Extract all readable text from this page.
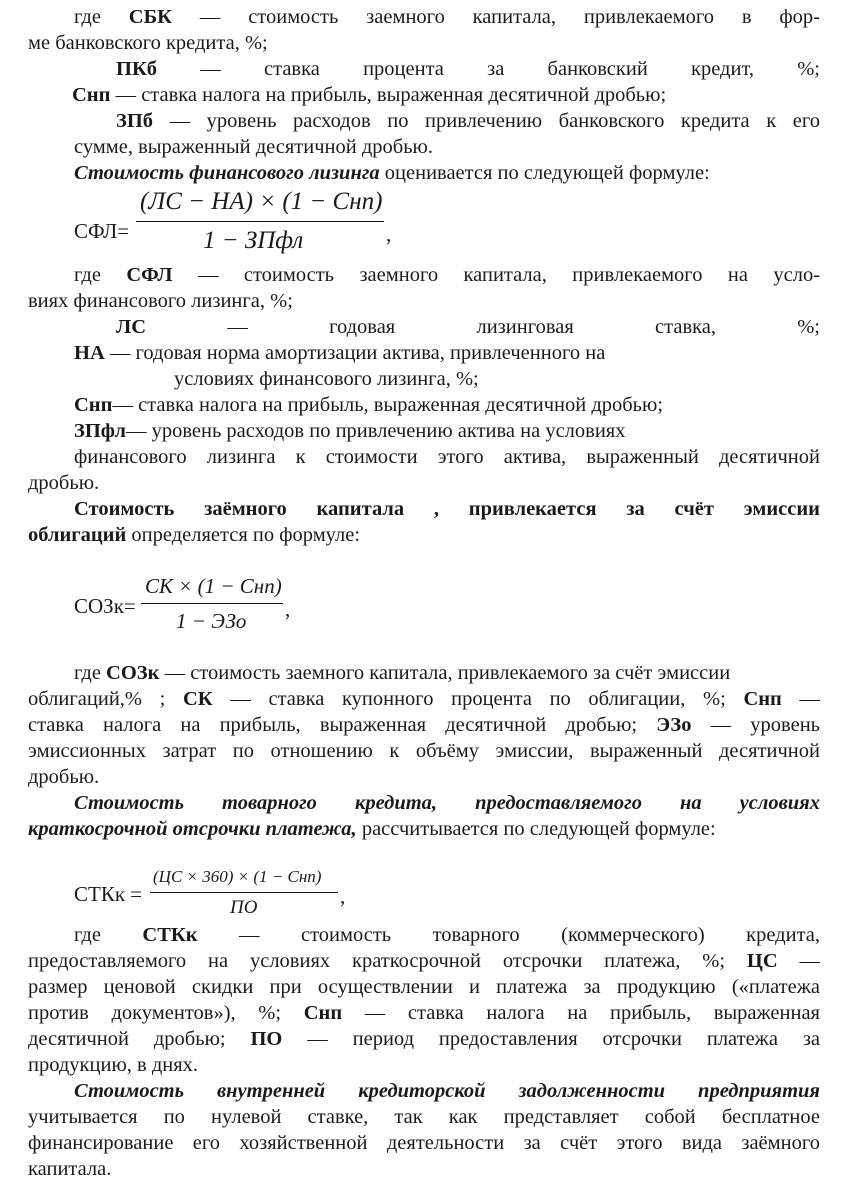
где СБК — стоимость заемного капитала, привлекаемого в фор-
ме банковского кредита, %;
ПКб — ставка процента за банковский кредит, %;
Снп — ставка налога на прибыль, выраженная десятичной дробью;
ЗПб — уровень расходов по привлечению банковского кредита к его
сумме, выраженный десятичной дробью.
Стоимость финансового лизинга оценивается по следующей формуле:
СФЛ=
(ЛС − НА) × (1 − Снп)
1 − ЗПфл	,
где СФЛ — стоимость заемного капитала, привлекаемого на усло-
виях финансового лизинга, %;
ЛС	— годовая лизинговая ставка, %;
НА — годовая норма амортизации актива, привлеченного на
условиях финансового лизинга, %;
Снп— ставка налога на прибыль, выраженная десятичной дробью;
ЗПфл— уровень расходов по привлечению актива на условиях
финансового лизинга к стоимости этого актива, выраженный десятичной
дробью.
Стоимость заёмного капитала , привлекается за счёт эмиссии
облигаций определяется по формуле:
СОЗк=
СК × (1 − Снп)
1 − ЭЗо ,
где СОЗк — стоимость заемного капитала, привлекаемого за счёт эмиссии
облигаций,% ; СК — ставка купонного процента по облигации, %; Снп —
ставка налога на прибыль, выраженная десятичной дробью; ЭЗо — уровень
эмиссионных затрат по отношению к объёму эмиссии, выраженный десятичной
дробью.
Стоимость товарного кредита, предоставляемого на условиях
краткосрочной отсрочки платежа, рассчитывается по следующей формуле:
СТКк =
(ЦС × 360) × (1 − Снп)
ПО	,
где СТКк — стоимость товарного (коммерческого) кредита,
предоставляемого на условиях краткосрочной отсрочки платежа, %; ЦС —
размер ценовой скидки при осуществлении и платежа за продукцию («платежа
против документов»), %; Снп — ставка налога на прибыль, выраженная
десятичной дробью; ПО — период предоставления отсрочки платежа за
продукцию, в днях.
Стоимость внутренней кредиторской задолженности предприятия
учитывается по нулевой ставке, так как представляет собой бесплатное
финансирование его хозяйственной деятельности за счёт этого вида заёмного
капитала.
